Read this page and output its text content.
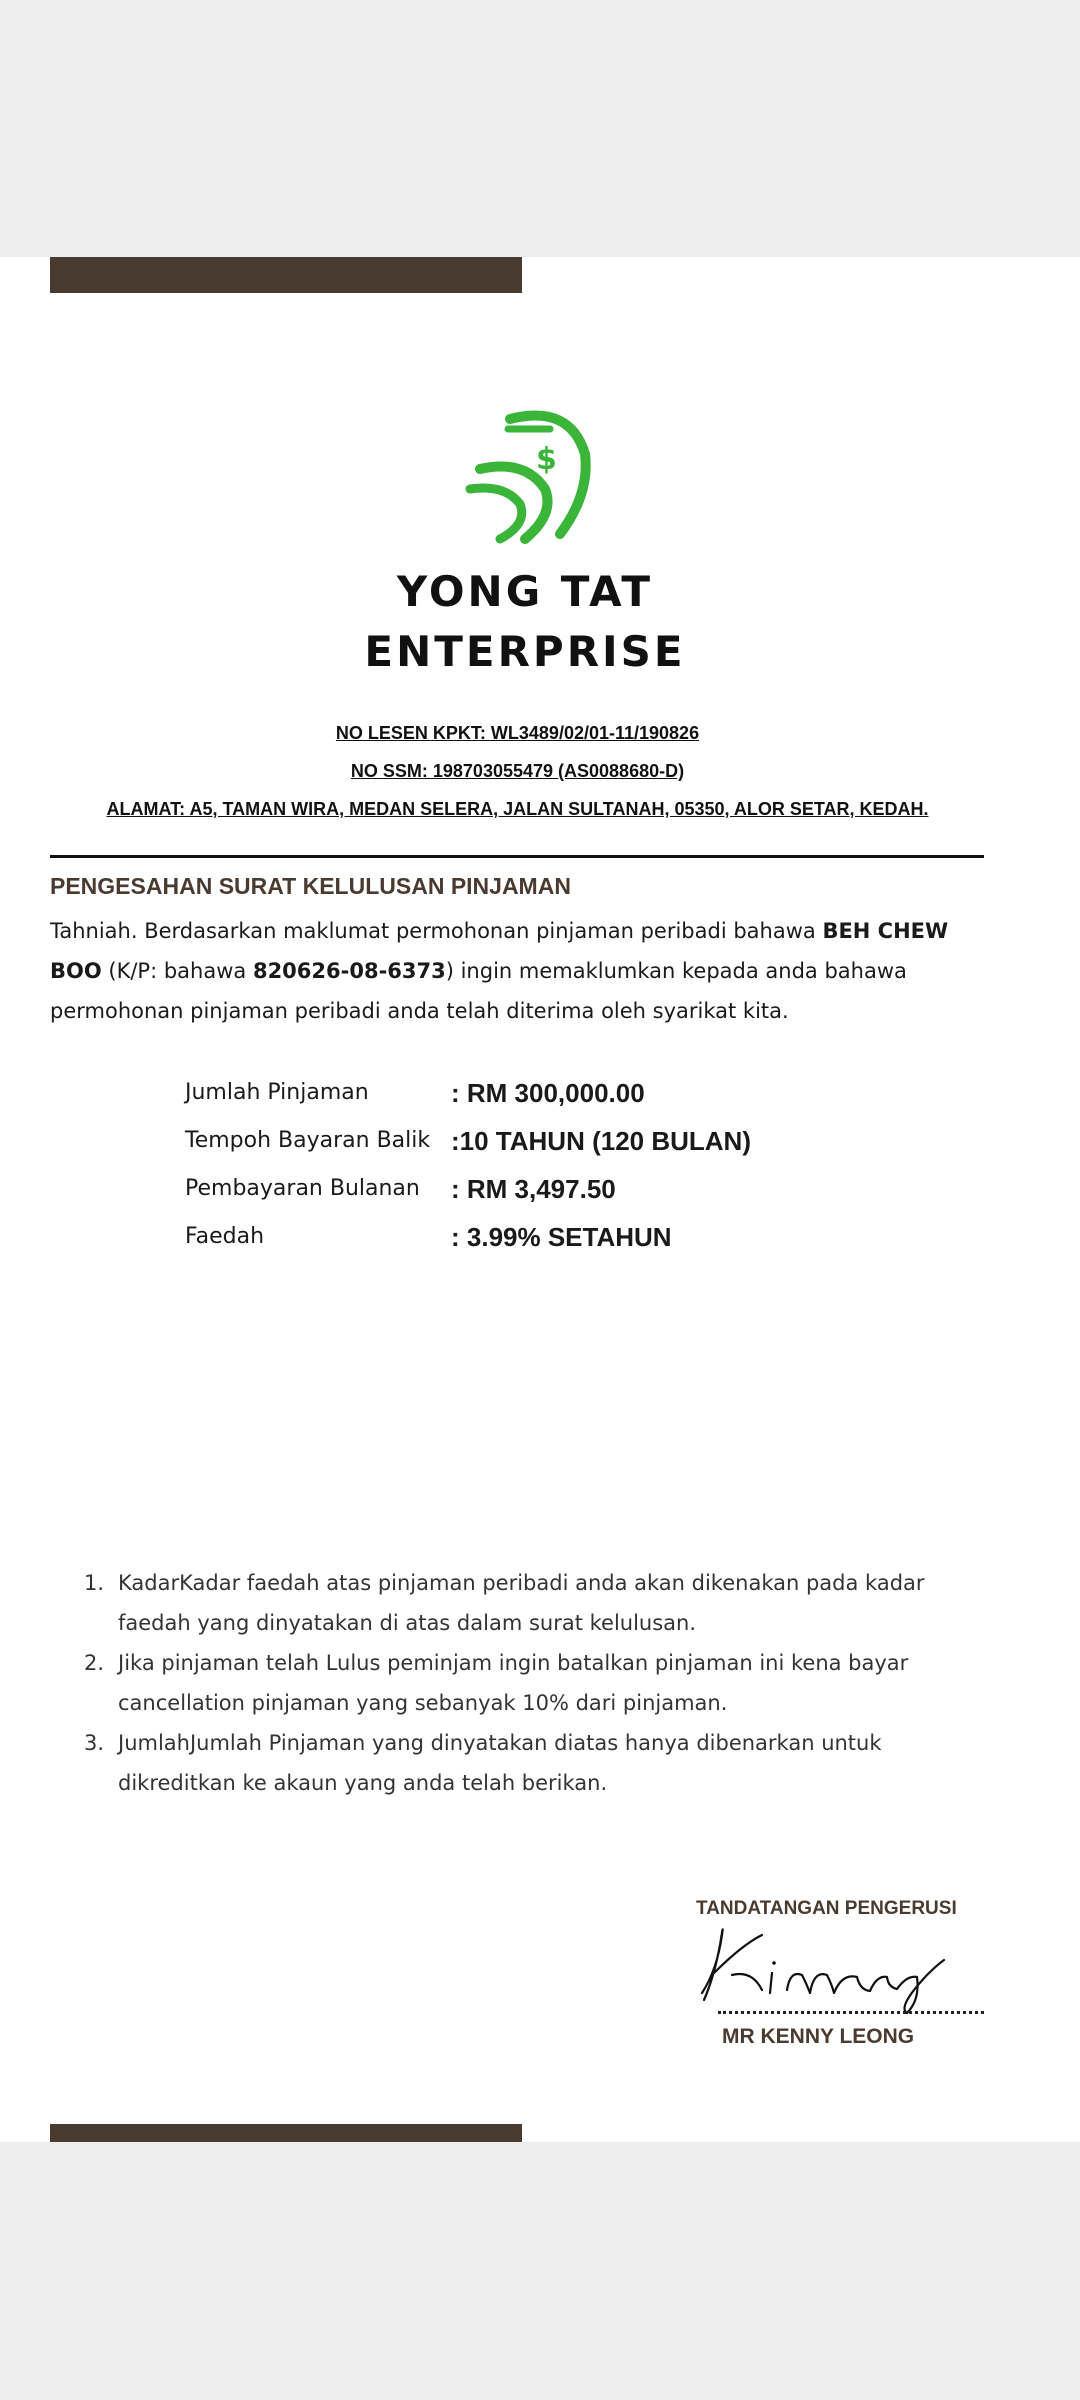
$
YONG TAT
ENTERPRISE
NO LESEN KPKT: WL3489/02/01-11/190826
NO SSM: 198703055479 (AS0088680-D)
ALAMAT: A5, TAMAN WIRA, MEDAN SELERA, JALAN SULTANAH, 05350, ALOR SETAR, KEDAH.
PENGESAHAN SURAT KELULUSAN PINJAMAN
Tahniah. Berdasarkan maklumat permohonan pinjaman peribadi bahawa BEH CHEW BOO (K/P: bahawa 820626-08-6373) ingin memaklumkan kepada anda bahawa permohonan pinjaman peribadi anda telah diterima oleh syarikat kita.
Jumlah Pinjaman	: RM 300,000.00
Tempoh Bayaran Balik :10 TAHUN (120 BULAN)
Pembayaran Bulanan : RM 3,497.50
Faedah	: 3.99% SETAHUN
1. KadarKadar faedah atas pinjaman peribadi anda akan dikenakan pada kadar faedah yang dinyatakan di atas dalam surat kelulusan.
2. Jika pinjaman telah Lulus peminjam ingin batalkan pinjaman ini kena bayar cancellation pinjaman yang sebanyak 10% dari pinjaman.
3. JumlahJumlah Pinjaman yang dinyatakan diatas hanya dibenarkan untuk dikreditkan ke akaun yang anda telah berikan.
TANDATANGAN PENGERUSI
MR KENNY LEONG
